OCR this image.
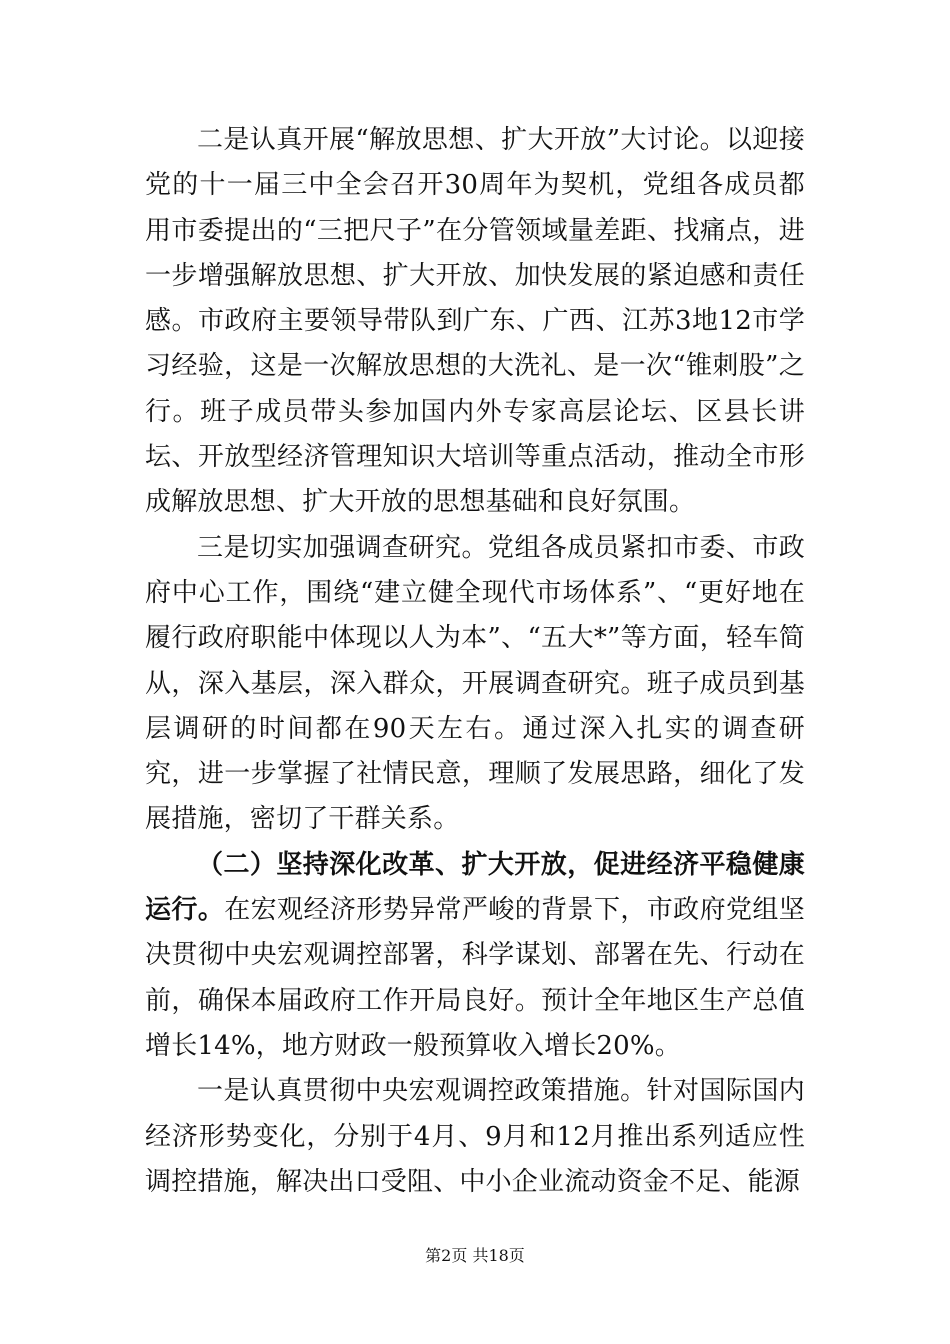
二是认真开展“解放思想、扩大开放”大讨论。以迎接党的十一届三中全会召开30周年为契机，党组各成员都用市委提出的“三把尺子”在分管领域量差距、找痛点，进一步增强解放思想、扩大开放、加快发展的紧迫感和责任感。市政府主要领导带队到广东、广西、江苏3地12市学习经验，这是一次解放思想的大洗礼、是一次“锥刺股”之行。班子成员带头参加国内外专家高层论坛、区县长讲坛、开放型经济管理知识大培训等重点活动，推动全市形成解放思想、扩大开放的思想基础和良好氛围。

三是切实加强调查研究。党组各成员紧扣市委、市政府中心工作，围绕“建立健全现代市场体系”、“更好地在履行政府职能中体现以人为本”、“五大*”等方面，轻车简从，深入基层，深入群众，开展调查研究。班子成员到基层调研的时间都在90天左右。通过深入扎实的调查研究，进一步掌握了社情民意，理顺了发展思路，细化了发展措施，密切了干群关系。

（二）坚持深化改革、扩大开放，促进经济平稳健康运行。在宏观经济形势异常严峻的背景下，市政府党组坚决贯彻中央宏观调控部署，科学谋划、部署在先、行动在前，确保本届政府工作开局良好。预计全年地区生产总值增长14%，地方财政一般预算收入增长20%。

一是认真贯彻中央宏观调控政策措施。针对国际国内经济形势变化，分别于4月、9月和12月推出系列适应性调控措施，解决出口受阻、中小企业流动资金不足、能源

第2页 共18页
